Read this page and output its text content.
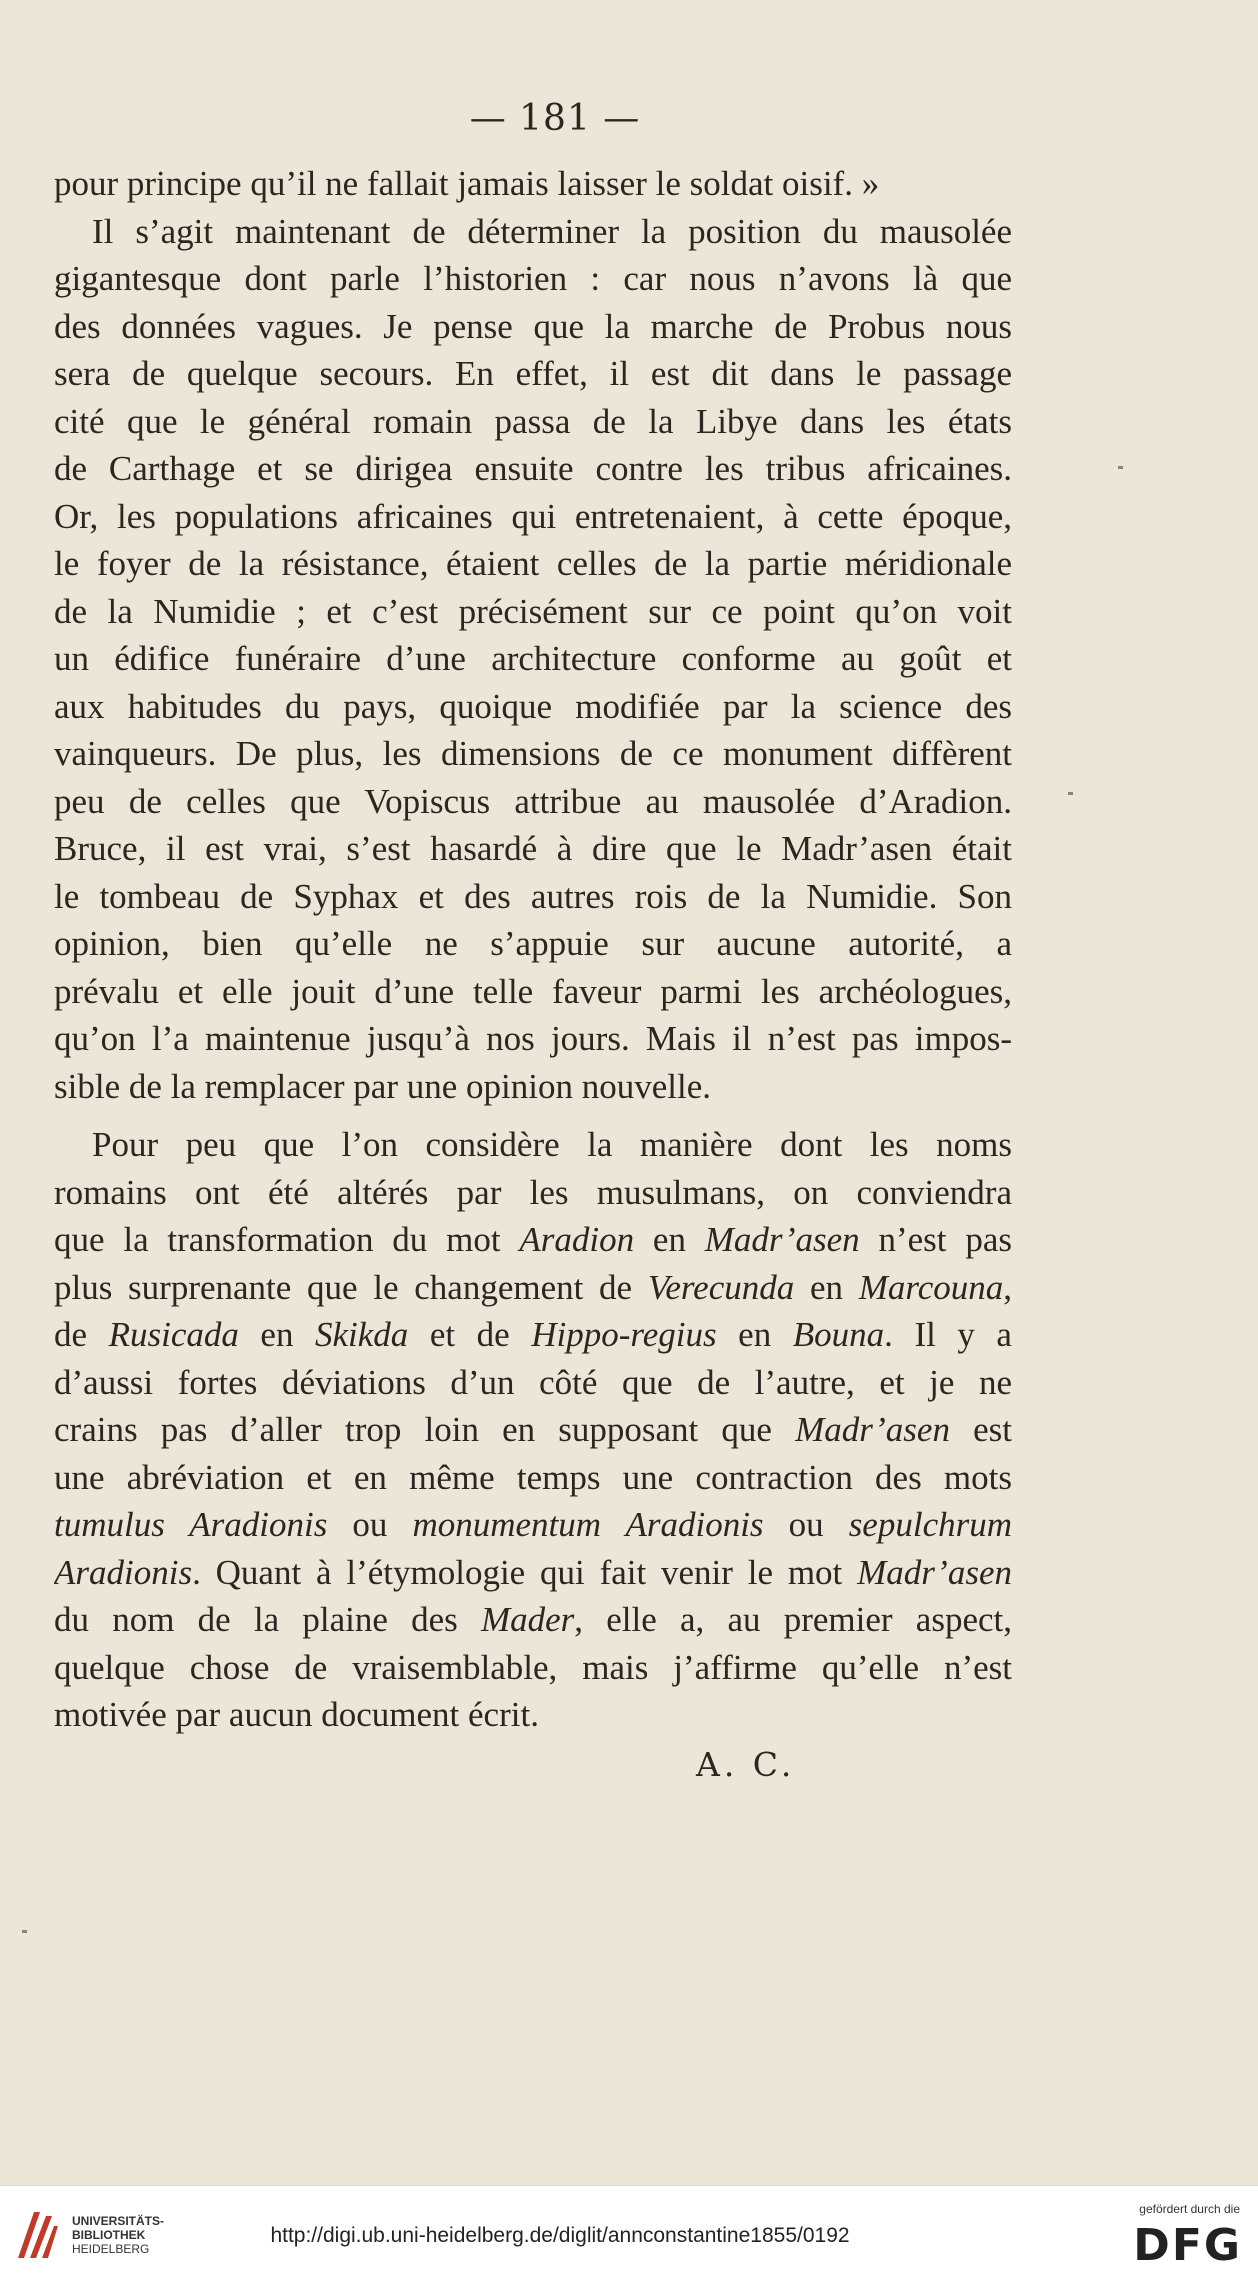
— 181 —
pour principe qu’il ne fallait jamais laisser le soldat oisif. »
Il s’agit maintenant de déterminer la position du mausolée
gigantesque dont parle l’historien : car nous n’avons là que
des données vagues. Je pense que la marche de Probus nous
sera de quelque secours. En effet, il est dit dans le passage
cité que le général romain passa de la Libye dans les états
de Carthage et se dirigea ensuite contre les tribus africaines.
Or, les populations africaines qui entretenaient, à cette époque,
le foyer de la résistance, étaient celles de la partie méridionale
de la Numidie ; et c’est précisément sur ce point qu’on voit
un édifice funéraire d’une architecture conforme au goût et
aux habitudes du pays, quoique modifiée par la science des
vainqueurs. De plus, les dimensions de ce monument diffèrent
peu de celles que Vopiscus attribue au mausolée d’Aradion.
Bruce, il est vrai, s’est hasardé à dire que le Madr’asen était
le tombeau de Syphax et des autres rois de la Numidie. Son
opinion, bien qu’elle ne s’appuie sur aucune autorité, a
prévalu et elle jouit d’une telle faveur parmi les archéologues,
qu’on l’a maintenue jusqu’à nos jours. Mais il n’est pas impos-
sible de la remplacer par une opinion nouvelle.
Pour peu que l’on considère la manière dont les noms
romains ont été altérés par les musulmans, on conviendra
que la transformation du mot Aradion en Madr’asen n’est pas
plus surprenante que le changement de Verecunda en Marcouna,
de Rusicada en Skikda et de Hippo-regius en Bouna. Il y a
d’aussi fortes déviations d’un côté que de l’autre, et je ne
crains pas d’aller trop loin en supposant que Madr’asen est
une abréviation et en même temps une contraction des mots
tumulus Aradionis ou monumentum Aradionis ou sepulchrum
Aradionis. Quant à l’étymologie qui fait venir le mot Madr’asen
du nom de la plaine des Mader, elle a, au premier aspect,
quelque chose de vraisemblable, mais j’affirme qu’elle n’est
motivée par aucun document écrit.
A. C.
UNIVERSITÄTS-
BIBLIOTHEK
HEIDELBERG
http://digi.ub.uni-heidelberg.de/diglit/annconstantine1855/0192
gefördert durch die
DFG
